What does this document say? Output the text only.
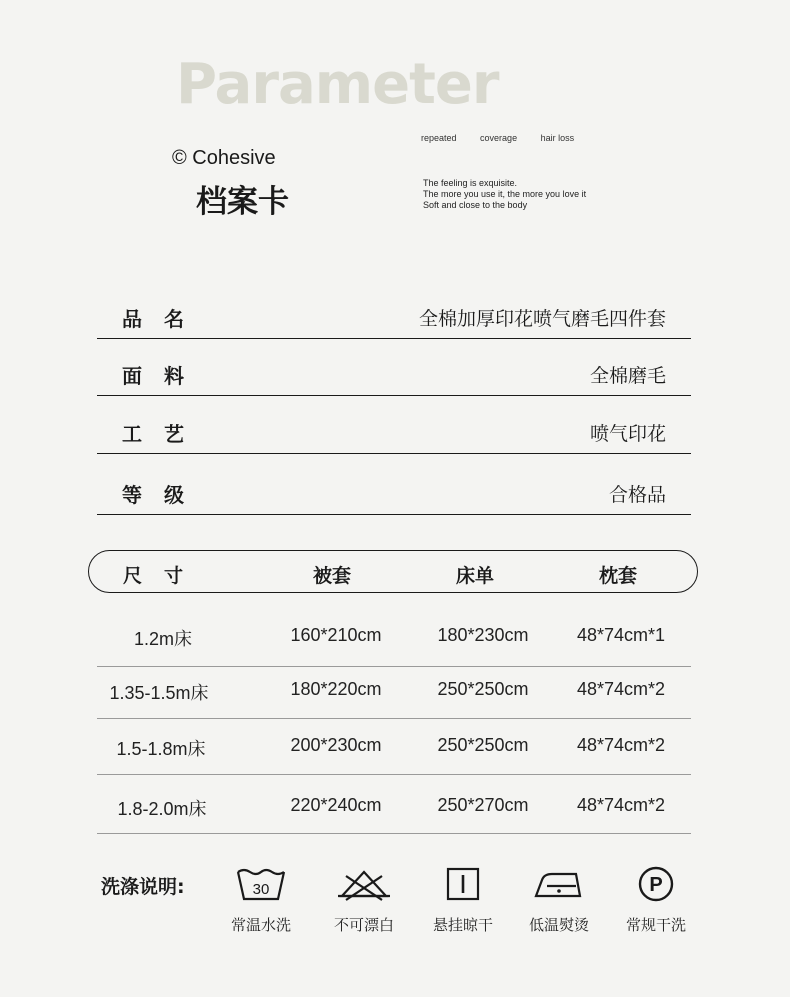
Parameter
© Cohesive
档案卡
repeated	coverage	hair loss
The feeling is exquisite.
The more you use it, the more you love it
Soft and close to the body
品名	全棉加厚印花喷气磨毛四件套
面料	全棉磨毛
工艺	喷气印花
等级	合格品
尺寸	被套	床单	枕套
1.2m床	160*210cm	180*230cm	48*74cm*1
1.35-1.5m床	180*220cm	250*250cm	48*74cm*2
1.5-1.8m床	200*230cm	250*250cm	48*74cm*2
1.8-2.0m床	220*240cm	250*270cm	48*74cm*2
洗涤说明:	30
常温水洗	不可漂白	悬挂晾干	低温熨烫
P
常规干洗
